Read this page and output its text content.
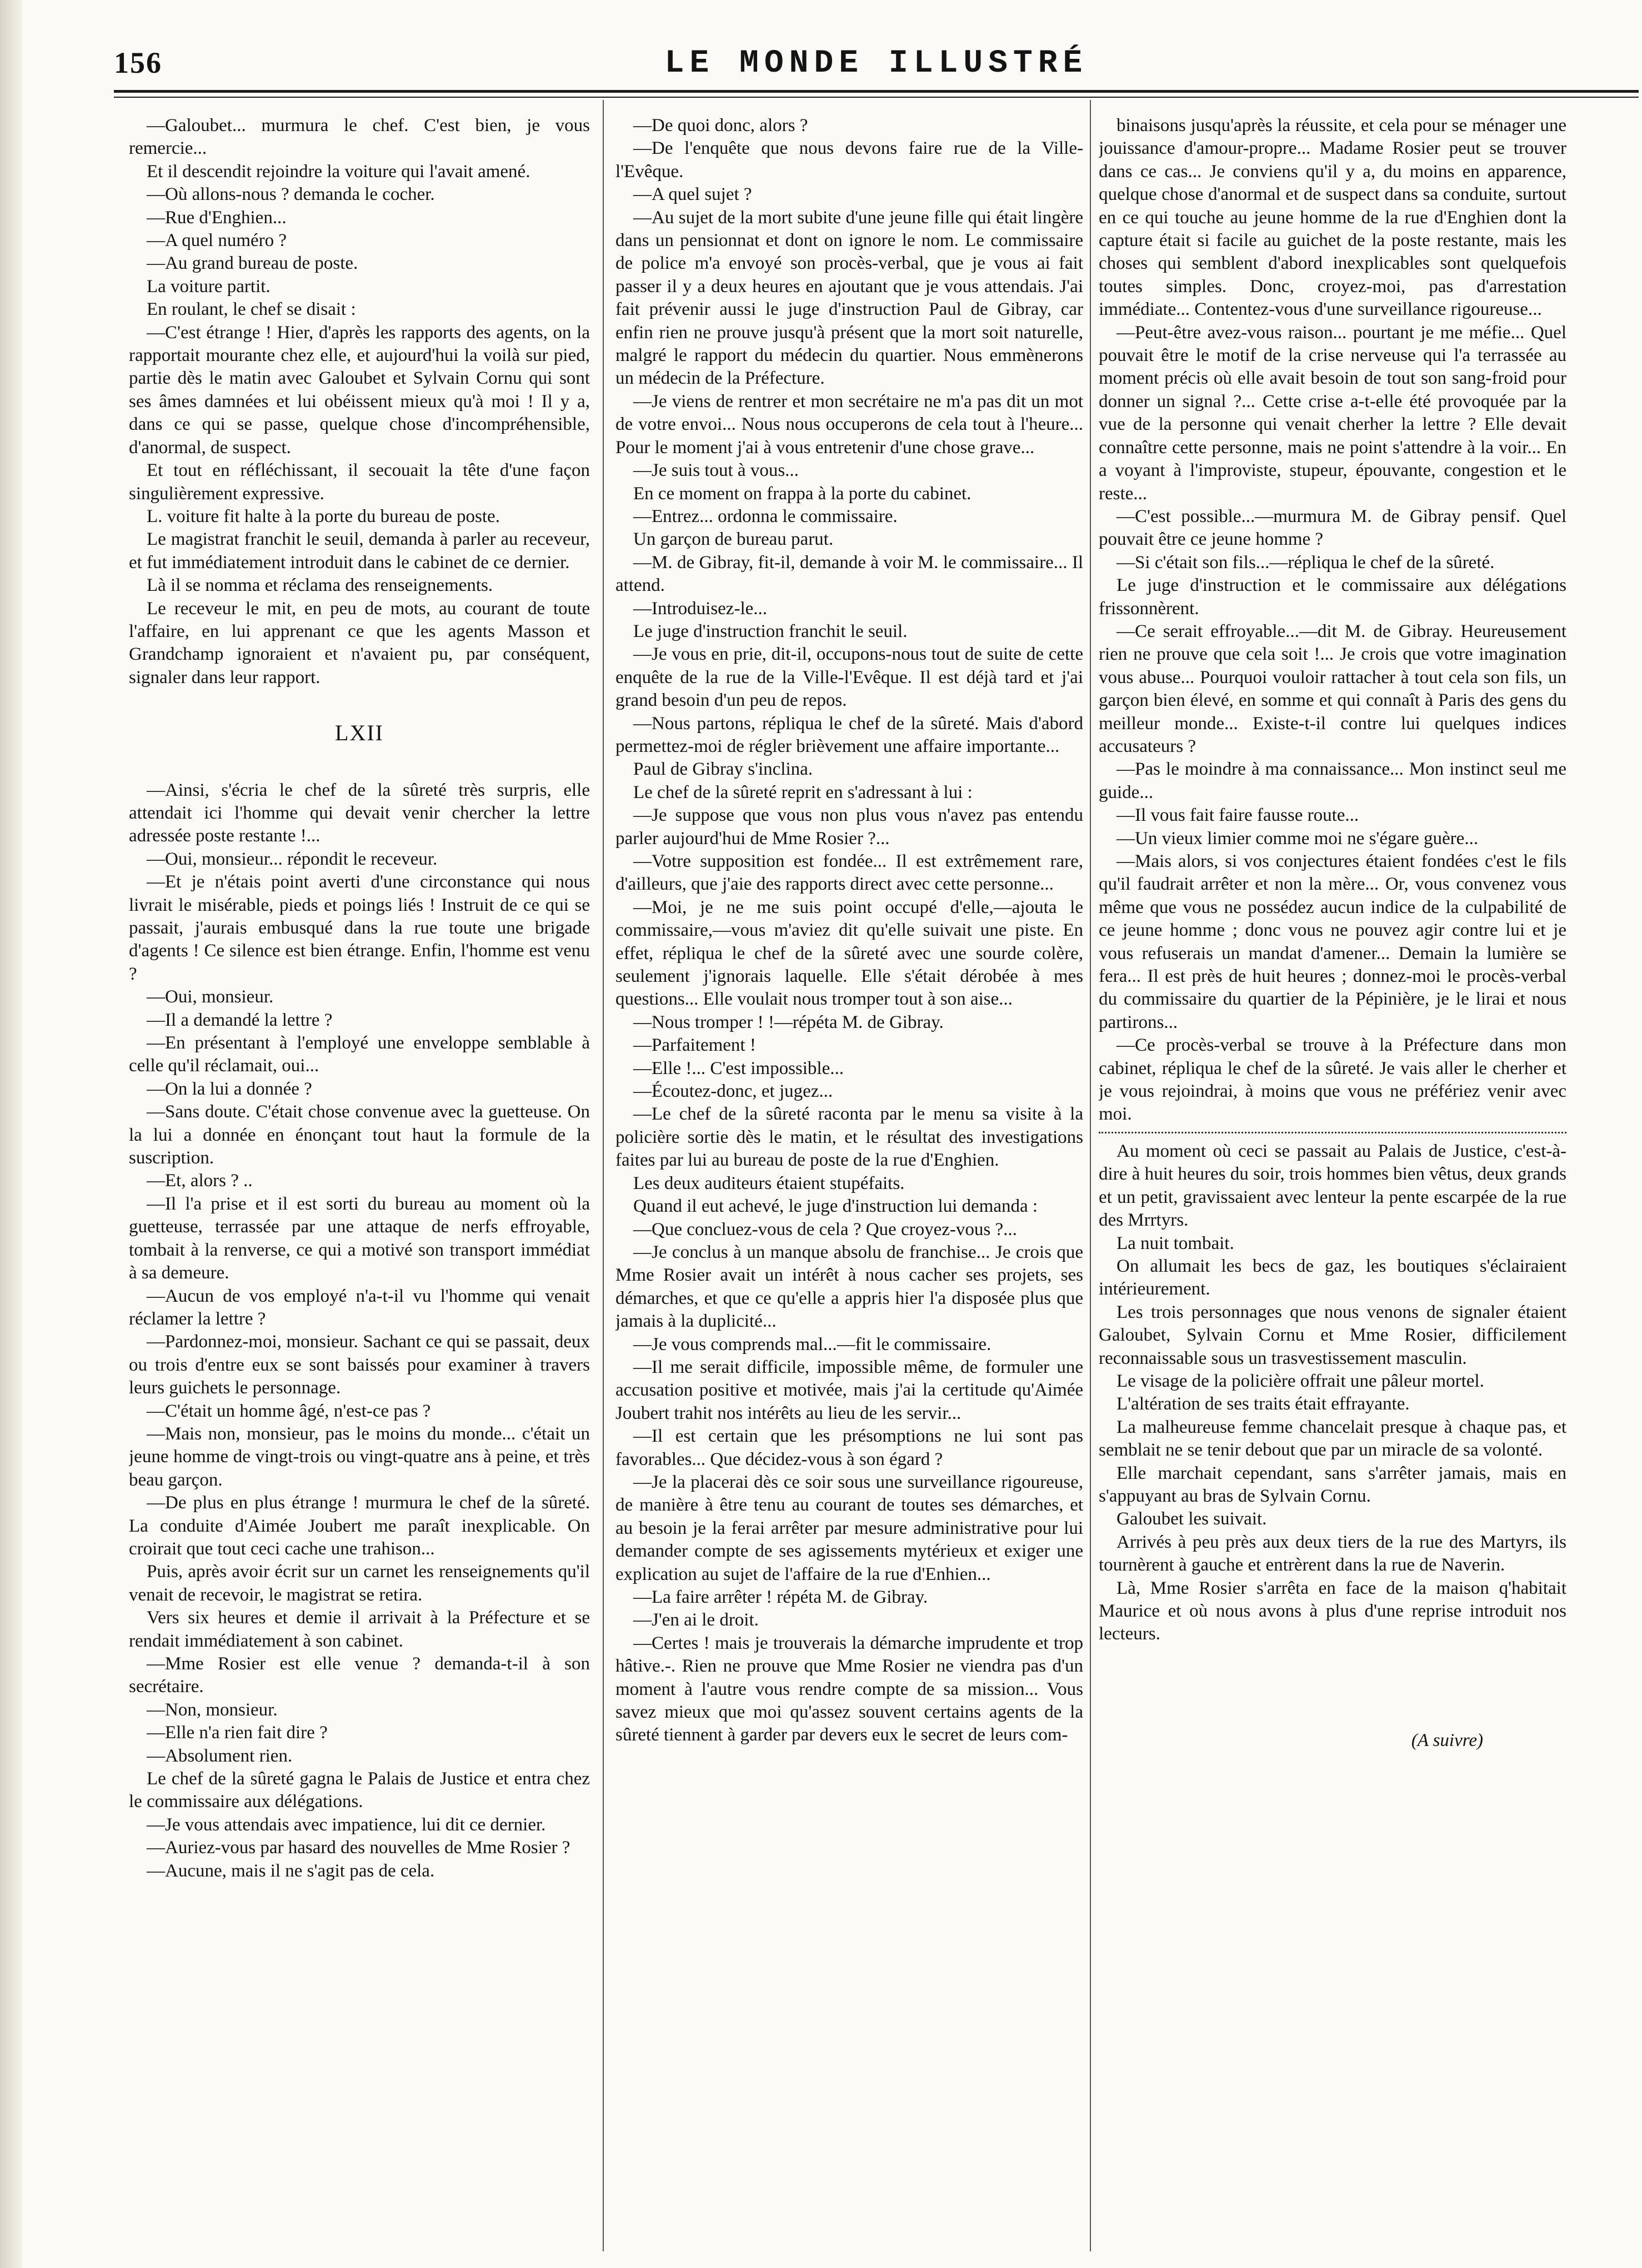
156	LE MONDE ILLUSTRÉ

—Galoubet... murmura le chef. C'est bien, je vous remercie...

Et il descendit rejoindre la voiture qui l'avait amené.

—Où allons-nous ? demanda le cocher.

—Rue d'Enghien...

—A quel numéro ?

—Au grand bureau de poste.

La voiture partit.

En roulant, le chef se disait :

—C'est étrange ! Hier, d'après les rapports des agents, on la rapportait mourante chez elle, et aujourd'hui la voilà sur pied, partie dès le matin avec Galoubet et Sylvain Cornu qui sont ses âmes damnées et lui obéissent mieux qu'à moi ! Il y a, dans ce qui se passe, quelque chose d'incompréhensible, d'anormal, de suspect.

Et tout en réfléchissant, il secouait la tête d'une façon singulièrement expressive.

L. voiture fit halte à la porte du bureau de poste.

Le magistrat franchit le seuil, demanda à parler au receveur, et fut immédiatement introduit dans le cabinet de ce dernier.

Là il se nomma et réclama des renseignements.

Le receveur le mit, en peu de mots, au courant de toute l'affaire, en lui apprenant ce que les agents Masson et Grandchamp ignoraient et n'avaient pu, par conséquent, signaler dans leur rapport.

LXII

—Ainsi, s'écria le chef de la sûreté très surpris, elle attendait ici l'homme qui devait venir chercher la lettre adressée poste restante !...

—Oui, monsieur... répondit le receveur.

—Et je n'étais point averti d'une circonstance qui nous livrait le misérable, pieds et poings liés ! Instruit de ce qui se passait, j'aurais embusqué dans la rue toute une brigade d'agents ! Ce silence est bien étrange. Enfin, l'homme est venu ?

—Oui, monsieur.

—Il a demandé la lettre ?

—En présentant à l'employé une enveloppe semblable à celle qu'il réclamait, oui...

—On la lui a donnée ?

—Sans doute. C'était chose convenue avec la guetteuse. On la lui a donnée en énonçant tout haut la formule de la suscription.

—Et, alors ? ..

—Il l'a prise et il est sorti du bureau au moment où la guetteuse, terrassée par une attaque de nerfs effroyable, tombait à la renverse, ce qui a motivé son transport immédiat à sa demeure.

—Aucun de vos employé n'a-t-il vu l'homme qui venait réclamer la lettre ?

—Pardonnez-moi, monsieur. Sachant ce qui se passait, deux ou trois d'entre eux se sont baissés pour examiner à travers leurs guichets le personnage.

—C'était un homme âgé, n'est-ce pas ?

—Mais non, monsieur, pas le moins du monde... c'était un jeune homme de vingt-trois ou vingt-quatre ans à peine, et très beau garçon.

—De plus en plus étrange ! murmura le chef de la sûreté. La conduite d'Aimée Joubert me paraît inexplicable. On croirait que tout ceci cache une trahison...

Puis, après avoir écrit sur un carnet les renseignements qu'il venait de recevoir, le magistrat se retira.

Vers six heures et demie il arrivait à la Préfecture et se rendait immédiatement à son cabinet.

—Mme Rosier est elle venue ? demanda-t-il à son secrétaire.

—Non, monsieur.

—Elle n'a rien fait dire ?

—Absolument rien.

Le chef de la sûreté gagna le Palais de Justice et entra chez le commissaire aux délégations.

—Je vous attendais avec impatience, lui dit ce dernier.

—Auriez-vous par hasard des nouvelles de Mme Rosier ?

—Aucune, mais il ne s'agit pas de cela.

—De quoi donc, alors ?

—De l'enquête que nous devons faire rue de la Ville-l'Evêque.

—A quel sujet ?

—Au sujet de la mort subite d'une jeune fille qui était lingère dans un pensionnat et dont on ignore le nom. Le commissaire de police m'a envoyé son procès-verbal, que je vous ai fait passer il y a deux heures en ajoutant que je vous attendais. J'ai fait prévenir aussi le juge d'instruction Paul de Gibray, car enfin rien ne prouve jusqu'à présent que la mort soit naturelle, malgré le rapport du médecin du quartier. Nous emmènerons un médecin de la Préfecture.

—Je viens de rentrer et mon secrétaire ne m'a pas dit un mot de votre envoi... Nous nous occuperons de cela tout à l'heure... Pour le moment j'ai à vous entretenir d'une chose grave...

—Je suis tout à vous...

En ce moment on frappa à la porte du cabinet.

—Entrez... ordonna le commissaire.

Un garçon de bureau parut.

—M. de Gibray, fit-il, demande à voir M. le commissaire... Il attend.

—Introduisez-le...

Le juge d'instruction franchit le seuil.

—Je vous en prie, dit-il, occupons-nous tout de suite de cette enquête de la rue de la Ville-l'Evêque. Il est déjà tard et j'ai grand besoin d'un peu de repos.

—Nous partons, répliqua le chef de la sûreté. Mais d'abord permettez-moi de régler brièvement une affaire importante...

Paul de Gibray s'inclina.

Le chef de la sûreté reprit en s'adressant à lui :

—Je suppose que vous non plus vous n'avez pas entendu parler aujourd'hui de Mme Rosier ?...

—Votre supposition est fondée... Il est extrêmement rare, d'ailleurs, que j'aie des rapports direct avec cette personne...

—Moi, je ne me suis point occupé d'elle,—ajouta le commissaire,—vous m'aviez dit qu'elle suivait une piste. En effet, répliqua le chef de la sûreté avec une sourde colère, seulement j'ignorais laquelle. Elle s'était dérobée à mes questions... Elle voulait nous tromper tout à son aise...

—Nous tromper ! !—répéta M. de Gibray.

—Parfaitement !

—Elle !... C'est impossible...

—Écoutez-donc, et jugez...

—Le chef de la sûreté raconta par le menu sa visite à la policière sortie dès le matin, et le résultat des investigations faites par lui au bureau de poste de la rue d'Enghien.

Les deux auditeurs étaient stupéfaits.

Quand il eut achevé, le juge d'instruction lui demanda :

—Que concluez-vous de cela ? Que croyez-vous ?...

—Je conclus à un manque absolu de franchise... Je crois que Mme Rosier avait un intérêt à nous cacher ses projets, ses démarches, et que ce qu'elle a appris hier l'a disposée plus que jamais à la duplicité...

—Je vous comprends mal...—fit le commissaire.

—Il me serait difficile, impossible même, de formuler une accusation positive et motivée, mais j'ai la certitude qu'Aimée Joubert trahit nos intérêts au lieu de les servir...

—Il est certain que les présomptions ne lui sont pas favorables... Que décidez-vous à son égard ?

—Je la placerai dès ce soir sous une surveillance rigoureuse, de manière à être tenu au courant de toutes ses démarches, et au besoin je la ferai arrêter par mesure administrative pour lui demander compte de ses agissements mytérieux et exiger une explication au sujet de l'affaire de la rue d'Enhien...

—La faire arrêter ! répéta M. de Gibray.

—J'en ai le droit.

—Certes ! mais je trouverais la démarche imprudente et trop hâtive.-. Rien ne prouve que Mme Rosier ne viendra pas d'un moment à l'autre vous rendre compte de sa mission... Vous savez mieux que moi qu'assez souvent certains agents de la sûreté tiennent à garder par devers eux le secret de leurs com-

binaisons jusqu'après la réussite, et cela pour se ménager une jouissance d'amour-propre... Madame Rosier peut se trouver dans ce cas... Je conviens qu'il y a, du moins en apparence, quelque chose d'anormal et de suspect dans sa conduite, surtout en ce qui touche au jeune homme de la rue d'Enghien dont la capture était si facile au guichet de la poste restante, mais les choses qui semblent d'abord inexplicables sont quelquefois toutes simples. Donc, croyez-moi, pas d'arrestation immédiate... Contentez-vous d'une surveillance rigoureuse...

—Peut-être avez-vous raison... pourtant je me méfie... Quel pouvait être le motif de la crise nerveuse qui l'a terrassée au moment précis où elle avait besoin de tout son sang-froid pour donner un signal ?... Cette crise a-t-elle été provoquée par la vue de la personne qui venait cherher la lettre ? Elle devait connaître cette personne, mais ne point s'attendre à la voir... En a voyant à l'improviste, stupeur, épouvante, congestion et le reste...

—C'est possible...—murmura M. de Gibray pensif. Quel pouvait être ce jeune homme ?

—Si c'était son fils...—répliqua le chef de la sûreté.

Le juge d'instruction et le commissaire aux délégations frissonnèrent.

—Ce serait effroyable...—dit M. de Gibray. Heureusement rien ne prouve que cela soit !... Je crois que votre imagination vous abuse... Pourquoi vouloir rattacher à tout cela son fils, un garçon bien élevé, en somme et qui connaît à Paris des gens du meilleur monde... Existe-t-il contre lui quelques indices accusateurs ?

—Pas le moindre à ma connaissance... Mon instinct seul me guide...

—Il vous fait faire fausse route...

—Un vieux limier comme moi ne s'égare guère...

—Mais alors, si vos conjectures étaient fondées c'est le fils qu'il faudrait arrêter et non la mère... Or, vous convenez vous même que vous ne possédez aucun indice de la culpabilité de ce jeune homme ; donc vous ne pouvez agir contre lui et je vous refuserais un mandat d'amener... Demain la lumière se fera... Il est près de huit heures ; donnez-moi le procès-verbal du commissaire du quartier de la Pépinière, je le lirai et nous partirons...

—Ce procès-verbal se trouve à la Préfecture dans mon cabinet, répliqua le chef de la sûreté. Je vais aller le cherher et je vous rejoindrai, à moins que vous ne préfériez venir avec moi.

Au moment où ceci se passait au Palais de Justice, c'est-à-dire à huit heures du soir, trois hommes bien vêtus, deux grands et un petit, gravissaient avec lenteur la pente escarpée de la rue des Mrrtyrs.

La nuit tombait.

On allumait les becs de gaz, les boutiques s'éclairaient intérieurement.

Les trois personnages que nous venons de signaler étaient Galoubet, Sylvain Cornu et Mme Rosier, difficilement reconnaissable sous un trasvestissement masculin.

Le visage de la policière offrait une pâleur mortel.

L'altération de ses traits était effrayante.

La malheureuse femme chancelait presque à chaque pas, et semblait ne se tenir debout que par un miracle de sa volonté.

Elle marchait cependant, sans s'arrêter jamais, mais en s'appuyant au bras de Sylvain Cornu.

Galoubet les suivait.

Arrivés à peu près aux deux tiers de la rue des Martyrs, ils tournèrent à gauche et entrèrent dans la rue de Naverin.

Là, Mme Rosier s'arrêta en face de la maison q'habitait Maurice et où nous avons à plus d'une reprise introduit nos lecteurs.

(A suivre)
